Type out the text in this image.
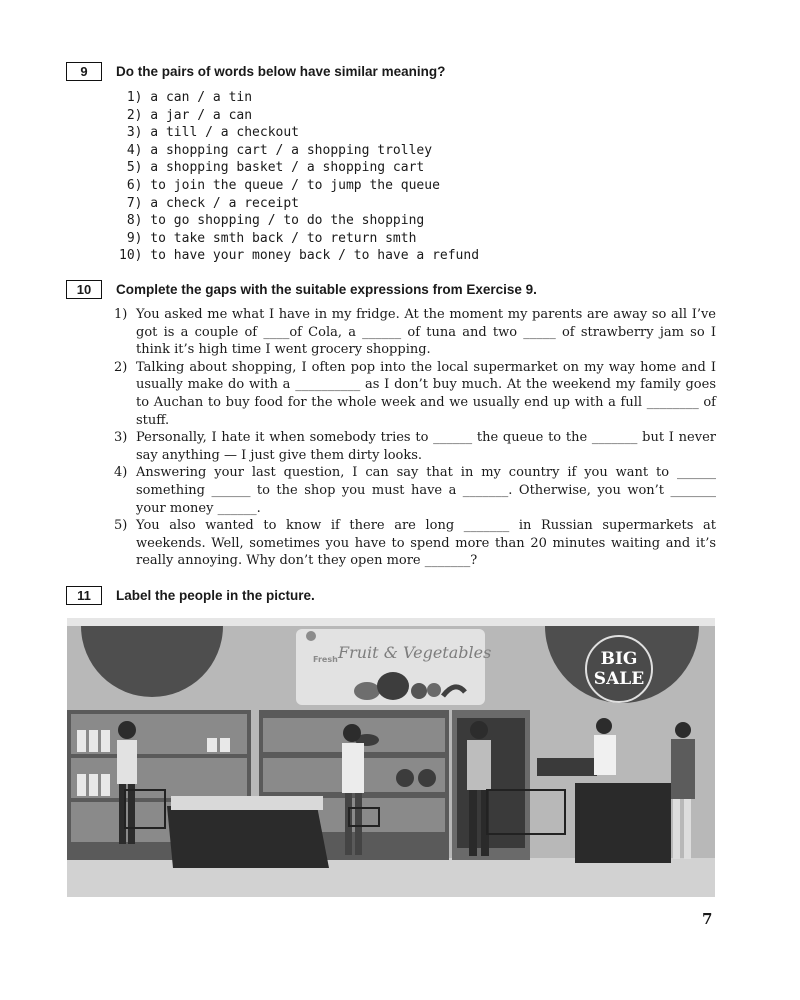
9	Do the pairs of words below have similar meaning?
1) a can / a tin
2) a jar / a can
3) a till / a checkout
4) a shopping cart / a shopping trolley
5) a shopping basket / a shopping cart
6) to join the queue / to jump the queue
7) a check / a receipt
8) to go shopping / to do the shopping
9) to take smth back / to return smth
10) to have your money back / to have a refund
10	Complete the gaps with the suitable expressions from Exercise 9.
1) You asked me what I have in my fridge. At the moment my parents are away so all I’ve got is a couple of ____of Cola, a ______ of tuna and two _____ of strawberry jam so I think it’s high time I went grocery shopping.
2) Talking about shopping, I often pop into the local supermarket on my way home and I usually make do with a __________ as I don’t buy much. At the weekend my family goes to Auchan to buy food for the whole week and we usually end up with a full ________ of stuff.
3) Personally, I hate it when somebody tries to ______ the queue to the _______ but I never say anything — I just give them dirty looks.
4) Answering your last question, I can say that in my country if you want to ______ something ______ to the shop you must have a _______. Otherwise, you won’t _______ your money ______.
5) You also wanted to know if there are long _______ in Russian supermarkets at weekends. Well, sometimes you have to spend more than 20 minutes waiting and it’s really annoying. Why don’t they open more _______?
11	Label the people in the picture.
Fresh Fruit & Vegetables	BIG
SALE
7
